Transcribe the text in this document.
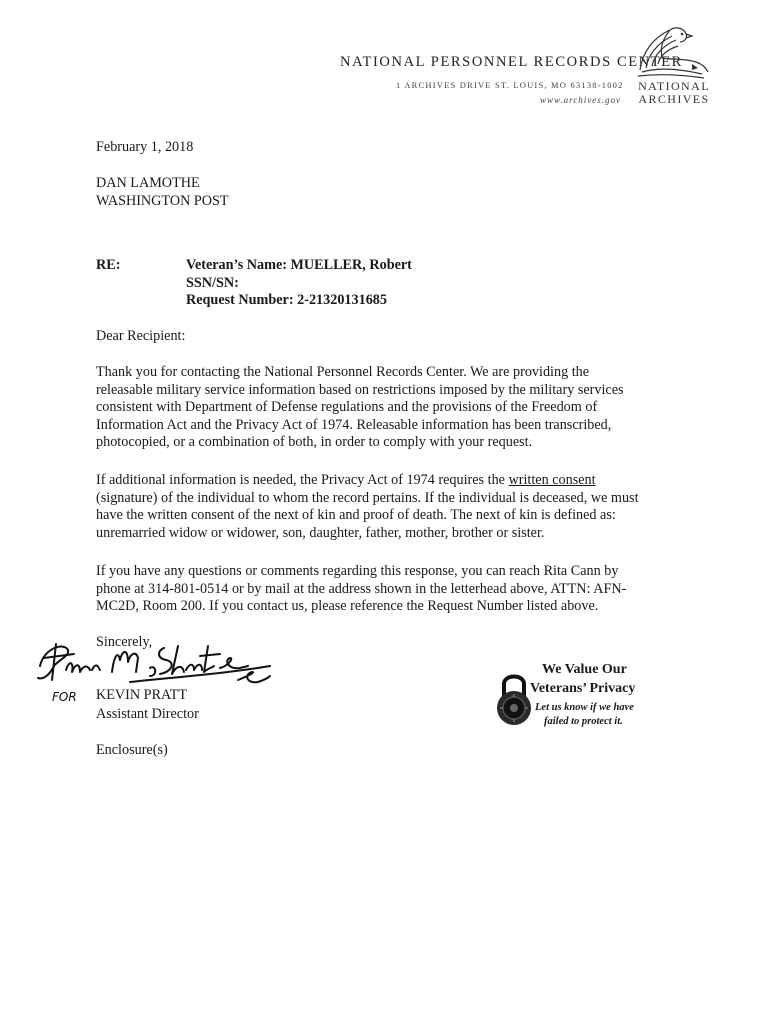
NATIONAL PERSONNEL RECORDS CENTER
1 ARCHIVES DRIVE ST. LOUIS, MO 63138-1002
www.archives.gov
NATIONAL
ARCHIVES
February 1, 2018
DAN LAMOTHE
WASHINGTON POST
RE:	Veteran’s Name: MUELLER, Robert
SSN/SN:
Request Number: 2-21320131685
Dear Recipient:
Thank you for contacting the National Personnel Records Center. We are providing the
releasable military service information based on restrictions imposed by the military services
consistent with Department of Defense regulations and the provisions of the Freedom of
Information Act and the Privacy Act of 1974. Releasable information has been transcribed,
photocopied, or a combination of both, in order to comply with your request.
If additional information is needed, the Privacy Act of 1974 requires the written consent
(signature) of the individual to whom the record pertains. If the individual is deceased, we must
have the written consent of the next of kin and proof of death. The next of kin is defined as:
unremarried widow or widower, son, daughter, father, mother, brother or sister.
If you have any questions or comments regarding this response, you can reach Rita Cann by
phone at 314-801-0514 or by mail at the address shown in the letterhead above, ATTN: AFN-
MC2D, Room 200. If you contact us, please reference the Request Number listed above.
Sincerely,
FOR KEVIN PRATT
Assistant Director
Enclosure(s)
We Value Our
Veterans’ Privacy
Let us know if we have
failed to protect it.
